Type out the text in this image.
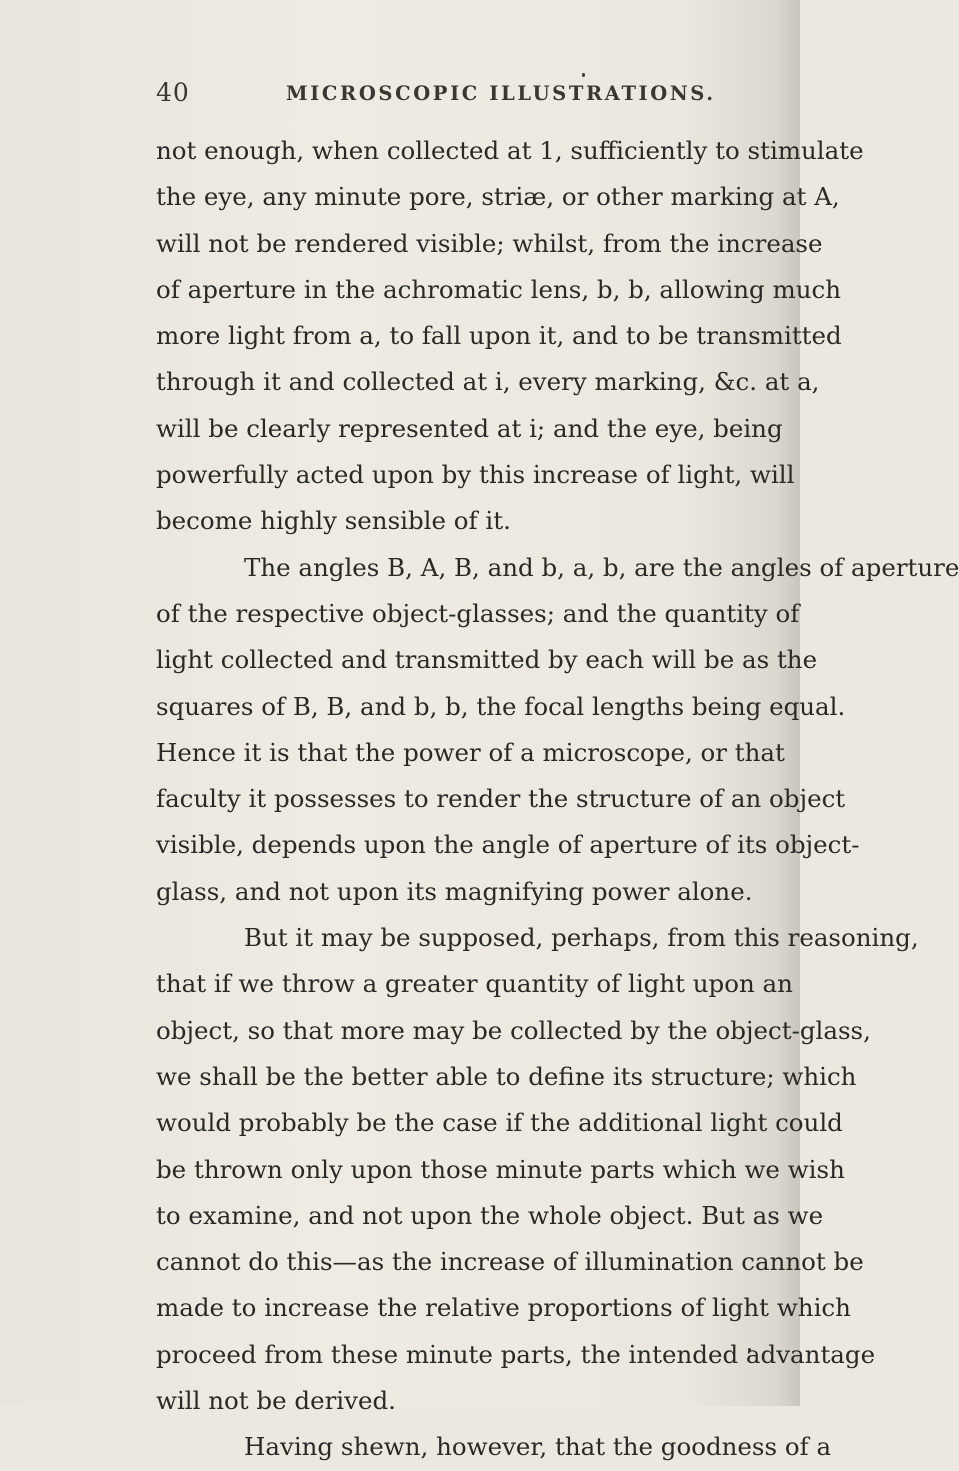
40	MICROSCOPIC ILLUSTRATIONS.
not enough, when collected at 1, sufficiently to stimulate
the eye, any minute pore, striæ, or other marking at A,
will not be rendered visible; whilst, from the increase
of aperture in the achromatic lens, b, b, allowing much
more light from a, to fall upon it, and to be transmitted
through it and collected at i, every marking, &c. at a,
will be clearly represented at i; and the eye, being
powerfully acted upon by this increase of light, will
become highly sensible of it.
The angles B, A, B, and b, a, b, are the angles of aperture
of the respective object-glasses; and the quantity of
light collected and transmitted by each will be as the
squares of B, B, and b, b, the focal lengths being equal.
Hence it is that the power of a microscope, or that
faculty it possesses to render the structure of an object
visible, depends upon the angle of aperture of its object-
glass, and not upon its magnifying power alone.
But it may be supposed, perhaps, from this reasoning,
that if we throw a greater quantity of light upon an
object, so that more may be collected by the object-glass,
we shall be the better able to define its structure; which
would probably be the case if the additional light could
be thrown only upon those minute parts which we wish
to examine, and not upon the whole object. But as we
cannot do this—as the increase of illumination cannot be
made to increase the relative proportions of light which
proceed from these minute parts, the intended advantage
will not be derived.
Having shewn, however, that the goodness of a
